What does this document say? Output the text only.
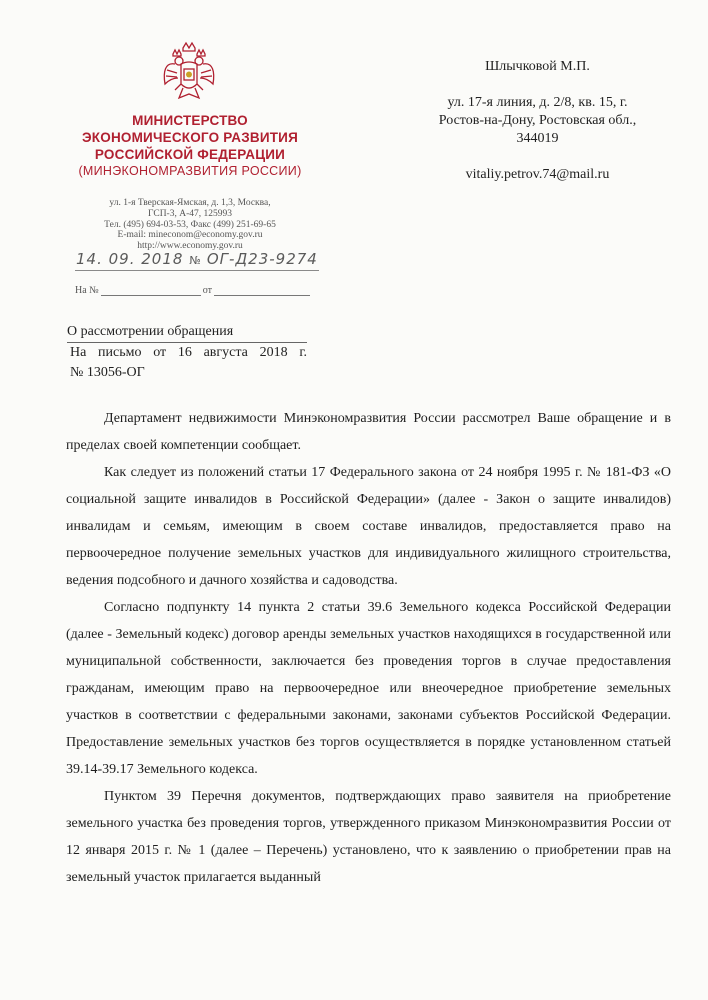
МИНИСТЕРСТВО
ЭКОНОМИЧЕСКОГО РАЗВИТИЯ
РОССИЙСКОЙ ФЕДЕРАЦИИ
(МИНЭКОНОМРАЗВИТИЯ РОССИИ)
ул. 1-я Тверская-Ямская, д. 1,3, Москва,
ГСП-3, А-47, 125993
Тел. (495) 694-03-53, Факс (499) 251-69-65
E-mail: mineconom@economy.gov.ru
http://www.economy.gov.ru
14. 09. 2018 № ОГ-Д23-9274
На №	от
Шлычковой М.П.
ул. 17-я линия, д. 2/8, кв. 15, г.
Ростов-на-Дону, Ростовская обл.,
344019
vitaliy.petrov.74@mail.ru
О рассмотрении обращения
На письмо от 16 августа 2018 г.
№ 13056-ОГ

Департамент недвижимости Минэкономразвития России рассмотрел Ваше обращение и в пределах своей компетенции сообщает.

Как следует из положений статьи 17 Федерального закона от 24 ноября 1995 г. № 181-ФЗ «О социальной защите инвалидов в Российской Федерации» (далее - Закон о защите инвалидов) инвалидам и семьям, имеющим в своем составе инвалидов, предоставляется право на первоочередное получение земельных участков для индивидуального жилищного строительства, ведения подсобного и дачного хозяйства и садоводства.

Согласно подпункту 14 пункта 2 статьи 39.6 Земельного кодекса Российской Федерации (далее - Земельный кодекс) договор аренды земельных участков находящихся в государственной или муниципальной собственности, заключается без проведения торгов в случае предоставления гражданам, имеющим право на первоочередное или внеочередное приобретение земельных участков в соответствии с федеральными законами, законами субъектов Российской Федерации. Предоставление земельных участков без торгов осуществляется в порядке установленном статьей 39.14-39.17 Земельного кодекса.

Пунктом 39 Перечня документов, подтверждающих право заявителя на приобретение земельного участка без проведения торгов, утвержденного приказом Минэкономразвития России от 12 января 2015 г. № 1 (далее – Перечень) установлено, что к заявлению о приобретении прав на земельный участок прилагается выданный
